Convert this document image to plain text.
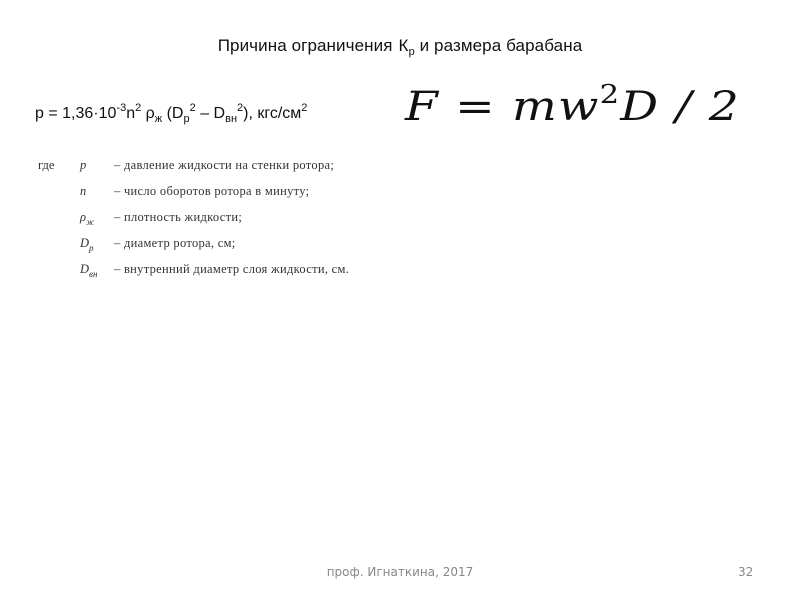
Причина ограничения $К_р$ и размера барабана
$p = 1,36\cdot 10^{-3}n^2$ $\rho_ж$ $(D_р^2 - D_{вн}^2)$, кгс/$см^2$ $F = mw^2D / 2$
где p	– давление жидкости на стенки ротора;
n	– число оборотов ротора в минуту;
$\rho_ж$	– плотность жидкости;
$D_р$	– диаметр ротора, см;
$D_{вн}$	– внутренний диаметр слоя жидкости, см.
проф. Игнаткина, 2017	32
